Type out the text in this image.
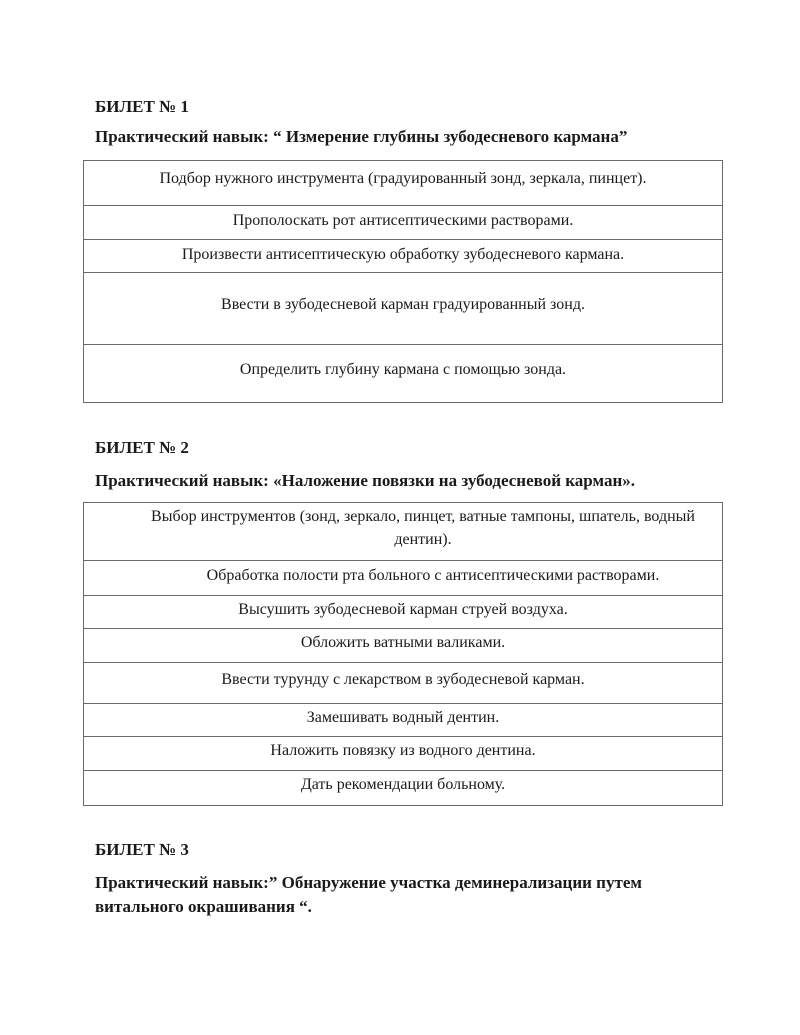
БИЛЕТ № 1

Практический навык: “ Измерение глубины зубодесневого кармана”

Подбор нужного инструмента (градуированный зонд, зеркала, пинцет).
Прополоскать рот антисептическими растворами.
Произвести антисептическую обработку зубодесневого кармана.
Ввести в зубодесневой карман градуированный зонд.
Определить глубину кармана с помощью зонда.

БИЛЕТ № 2

Практический навык: «Наложение повязки на зубодесневой карман».

Выбор инструментов (зонд, зеркало, пинцет, ватные тампоны, шпатель, водный дентин).
Обработка полости рта больного с антисептическими растворами.
Высушить зубодесневой карман струей воздуха.
Обложить ватными валиками.
Ввести турунду с лекарством в зубодесневой карман.
Замешивать водный дентин.
Наложить повязку из водного дентина.
Дать рекомендации больному.

БИЛЕТ № 3

Практический навык:” Обнаружение участка деминерализации путем витального окрашивания “.
